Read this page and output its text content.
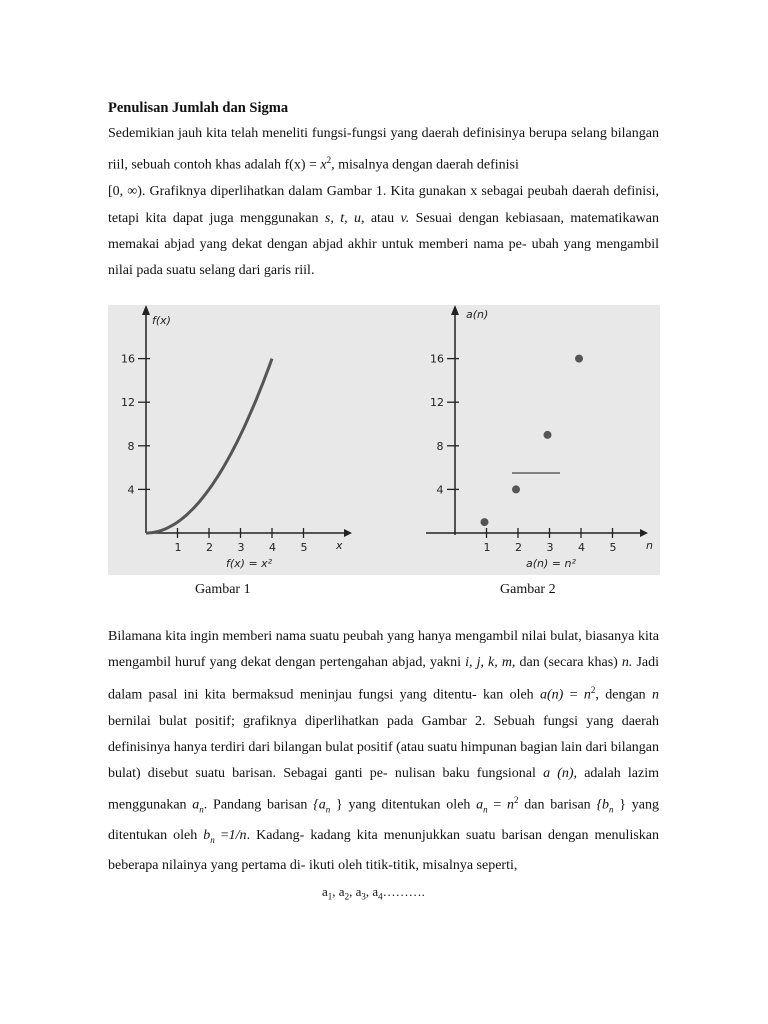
Penulisan Jumlah dan Sigma

Sedemikian jauh kita telah meneliti fungsi-fungsi yang daerah definisinya berupa selang bilangan riil, sebuah contoh khas adalah $f(x) = x^2$, misalnya dengan daerah definisi
[0, ∞). Grafiknya diperlihatkan dalam Gambar 1. Kita gunakan x sebagai peubah daerah definisi, tetapi kita dapat juga menggunakan s, t, u, atau v. Sesuai dengan kebiasaan, matematikawan memakai abjad yang dekat dengan abjad akhir untuk memberi nama pe- ubah yang mengambil nilai pada suatu selang dari garis riil.

1 2 3 4 5
4
8
12
16
f(x)
x
f(x) = x²
1 2 3 4 5
4
8
12
16
a(n)
n
a(n) = n²
Gambar 1	Gambar 2

Bilamana kita ingin memberi nama suatu peubah yang hanya mengambil nilai bulat, biasanya kita mengambil huruf yang dekat dengan pertengahan abjad, yakni i, j, k, m, dan (secara khas) n. Jadi dalam pasal ini kita bermaksud meninjau fungsi yang ditentu- kan oleh $a(n) = n^2$, dengan n bernilai bulat positif; grafiknya diperlihatkan pada Gambar 2. Sebuah fungsi yang daerah definisinya hanya terdiri dari bilangan bulat positif (atau suatu himpunan bagian lain dari bilangan bulat) disebut suatu barisan. Sebagai ganti pe- nulisan baku fungsional a (n), adalah lazim menggunakan $a_n$. Pandang barisan {$a_n$ } yang ditentukan oleh $a_n = n^2$ dan barisan {$b_n$ } yang ditentukan oleh $b_n =1/n$. Kadang- kadang kita menunjukkan suatu barisan dengan menuliskan beberapa nilainya yang pertama di- ikuti oleh titik-titik, misalnya seperti,

$a_1$, $a_2$, $a_3$, $a_4\dots\dots\dots$.
